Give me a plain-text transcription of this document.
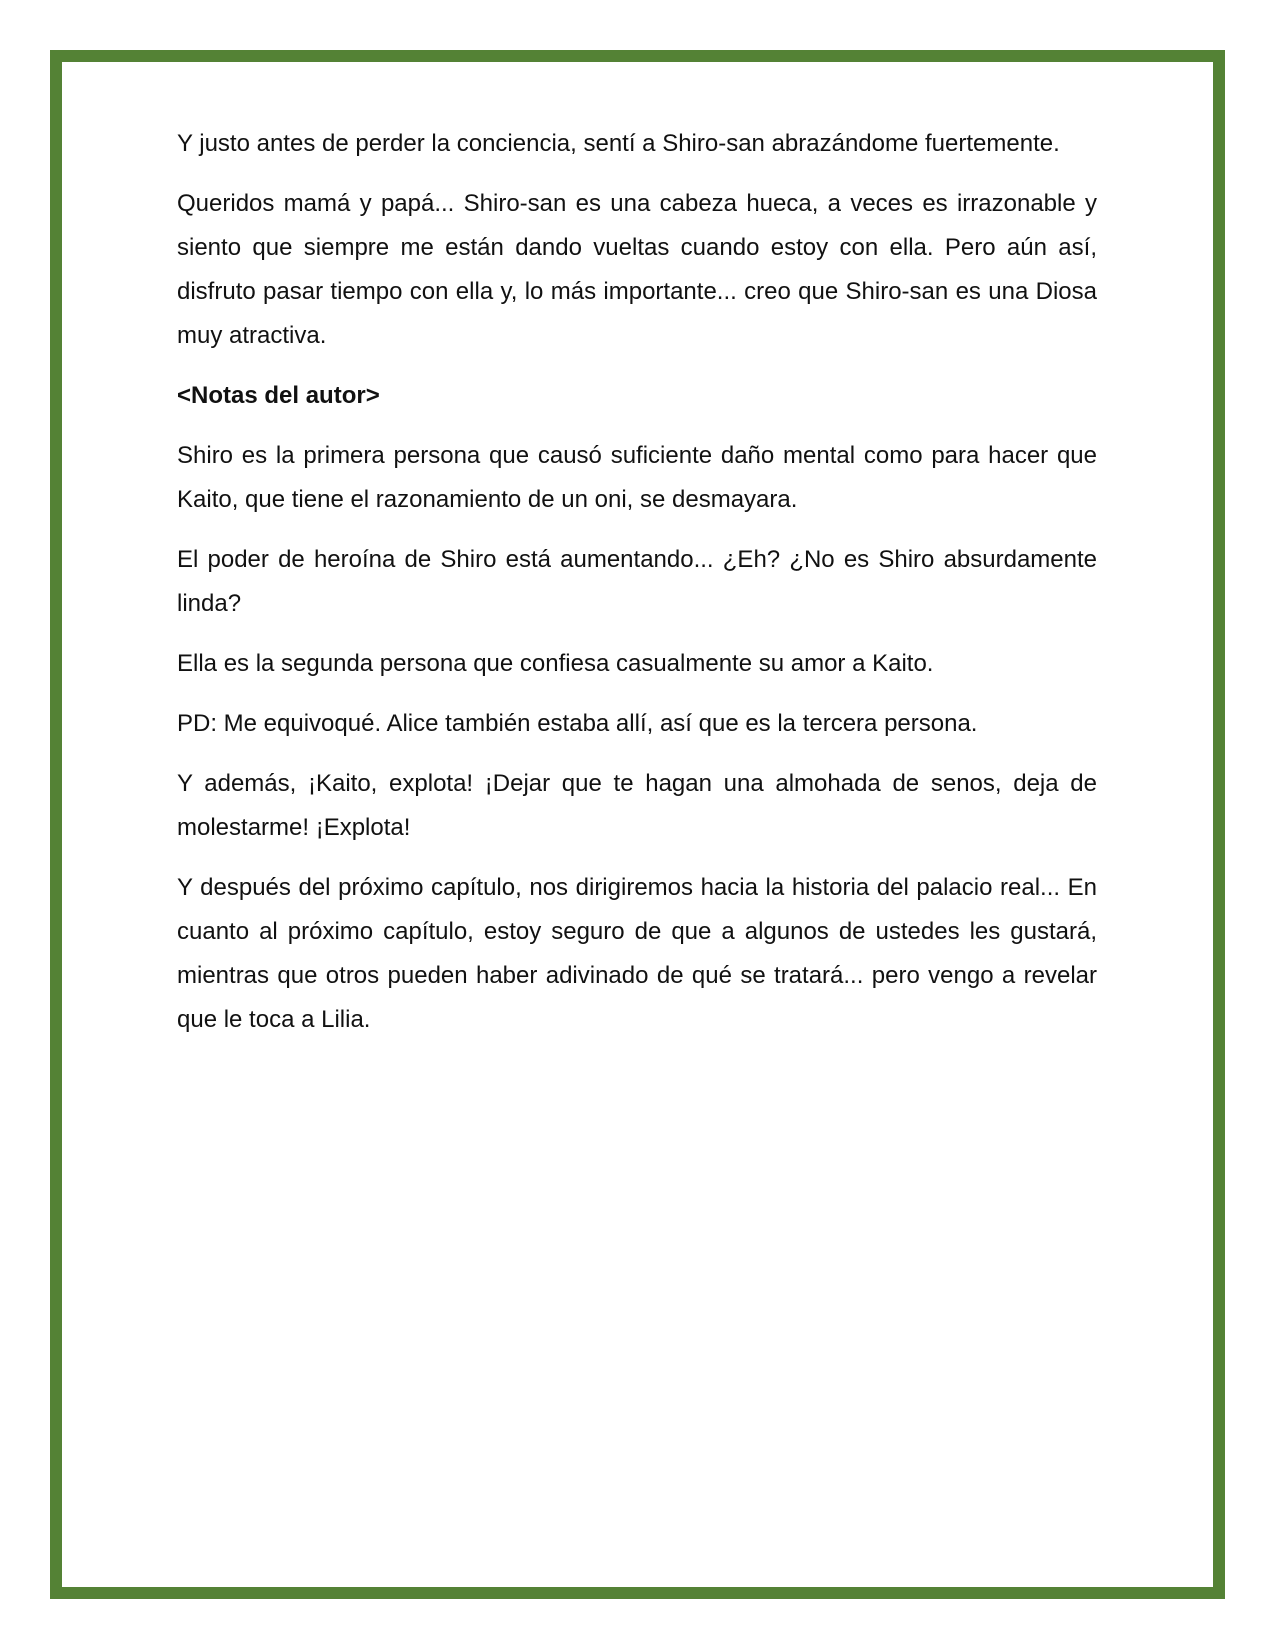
Y justo antes de perder la conciencia, sentí a Shiro-san abrazándome fuertemente.

Queridos mamá y papá... Shiro-san es una cabeza hueca, a veces es irrazonable y siento que siempre me están dando vueltas cuando estoy con ella. Pero aún así, disfruto pasar tiempo con ella y, lo más importante... creo que Shiro-san es una Diosa muy atractiva.

<Notas del autor>

Shiro es la primera persona que causó suficiente daño mental como para hacer que Kaito, que tiene el razonamiento de un oni, se desmayara.

El poder de heroína de Shiro está aumentando... ¿Eh? ¿No es Shiro absurdamente linda?

Ella es la segunda persona que confiesa casualmente su amor a Kaito.

PD: Me equivoqué. Alice también estaba allí, así que es la tercera persona.

Y además, ¡Kaito, explota! ¡Dejar que te hagan una almohada de senos, deja de molestarme! ¡Explota!

Y después del próximo capítulo, nos dirigiremos hacia la historia del palacio real... En cuanto al próximo capítulo, estoy seguro de que a algunos de ustedes les gustará, mientras que otros pueden haber adivinado de qué se tratará... pero vengo a revelar que le toca a Lilia.
